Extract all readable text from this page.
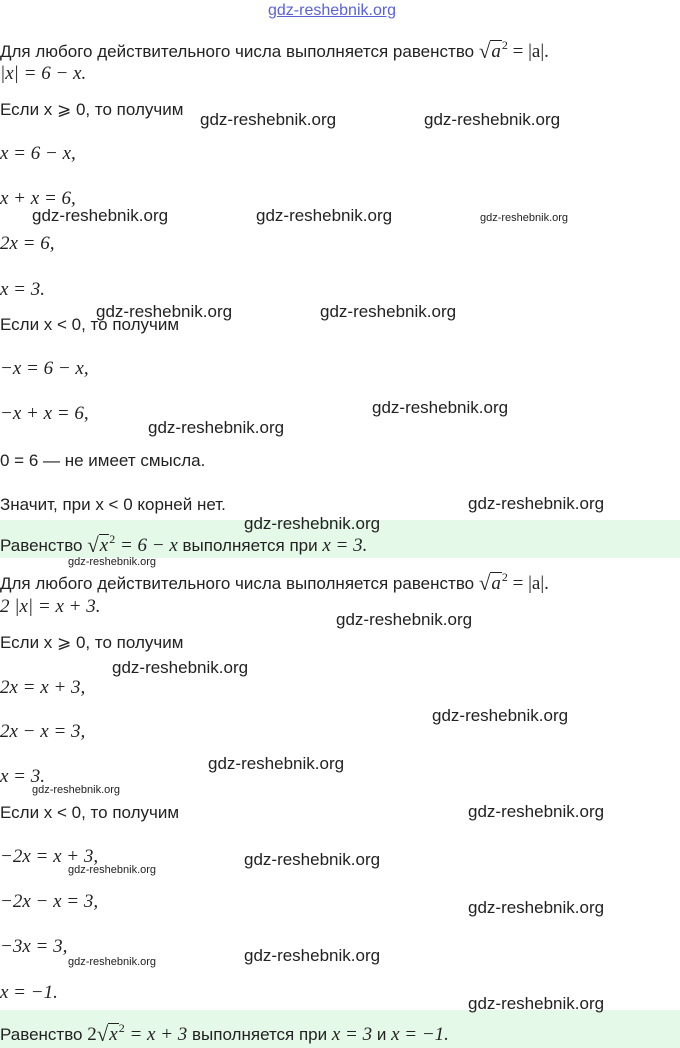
Для любого действительного числа выполняется равенство $√a^2 = |a|$.
|x| = 6 − x.
Если x ⩾ 0, то получим
x = 6 − x,
x + x = 6,
2x = 6,
x = 3.
Если x < 0, то получим
−x = 6 − x,
−x + x = 6,
0 = 6 — не имеет смысла.
Значит, при x < 0 корней нет.
Равенство $√x^2 = 6 - x$ выполняется при x = 3.
Для любого действительного числа выполняется равенство $√a^2 = |a|$.
2 |x| = x + 3.
Если x ⩾ 0, то получим
2x = x + 3,
2x − x = 3,
x = 3.
Если x < 0, то получим
−2x = x + 3,
−2x − x = 3,
−3x = 3,
x = −1.
Равенство $2√x^2 = x + 3$ выполняется при x = 3 и x = −1.
gdz-reshebnik.org
gdz-reshebnik.org	gdz-reshebnik.org
gdz-reshebnik.org	gdz-reshebnik.org	gdz-reshebnik.org
gdz-reshebnik.org	gdz-reshebnik.org
gdz-reshebnik.org
gdz-reshebnik.org
gdz-reshebnik.org
gdz-reshebnik.org
gdz-reshebnik.org
gdz-reshebnik.org
gdz-reshebnik.org
gdz-reshebnik.org
gdz-reshebnik.org
gdz-reshebnik.org
gdz-reshebnik.org
gdz-reshebnik.org
gdz-reshebnik.org
gdz-reshebnik.org
gdz-reshebnik.org
gdz-reshebnik.org
gdz-reshebnik.org
